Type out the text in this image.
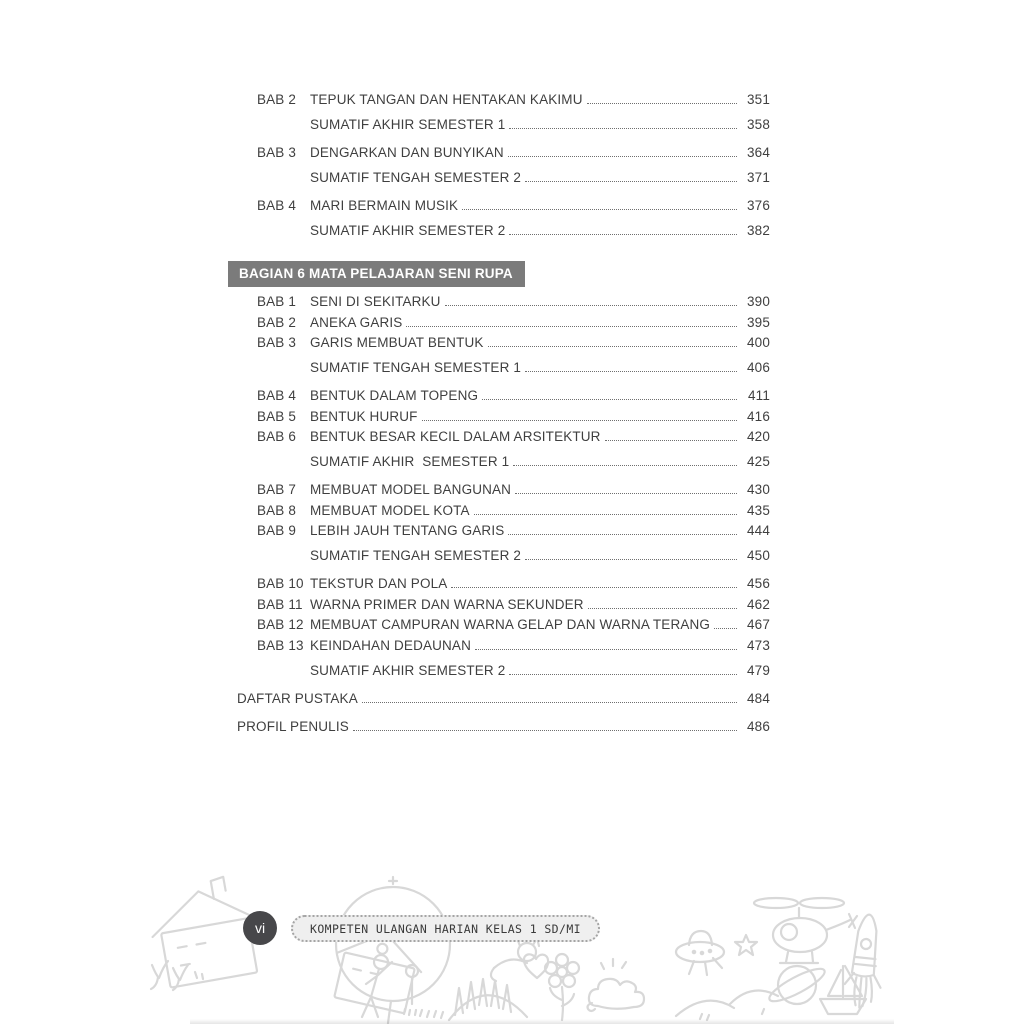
BAB 2	TEPUK TANGAN DAN HENTAKAN KAKIMU	351
SUMATIF AKHIR SEMESTER 1	358
BAB 3	DENGARKAN DAN BUNYIKAN	364
SUMATIF TENGAH SEMESTER 2	371
BAB 4	MARI BERMAIN MUSIK	376
SUMATIF AKHIR SEMESTER 2	382
BAGIAN 6 MATA PELAJARAN SENI RUPA
BAB 1	SENI DI SEKITARKU	390
BAB 2	ANEKA GARIS	395
BAB 3	GARIS MEMBUAT BENTUK	400
SUMATIF TENGAH SEMESTER 1	406
BAB 4	BENTUK DALAM TOPENG	411
BAB 5	BENTUK HURUF	416
BAB 6	BENTUK BESAR KECIL DALAM ARSITEKTUR	420
SUMATIF AKHIR  SEMESTER 1	425
BAB 7	MEMBUAT MODEL BANGUNAN	430
BAB 8	MEMBUAT MODEL KOTA	435
BAB 9	LEBIH JAUH TENTANG GARIS	444
SUMATIF TENGAH SEMESTER 2	450
BAB 10 TEKSTUR DAN POLA	456
BAB 11 WARNA PRIMER DAN WARNA SEKUNDER	462
BAB 12 MEMBUAT CAMPURAN WARNA GELAP DAN WARNA TERANG	467
BAB 13 KEINDAHAN DEDAUNAN	473
SUMATIF AKHIR SEMESTER 2	479
DAFTAR PUSTAKA	484
PROFIL PENULIS	486
vi	KOMPETEN ULANGAN HARIAN KELAS 1 SD/MI
